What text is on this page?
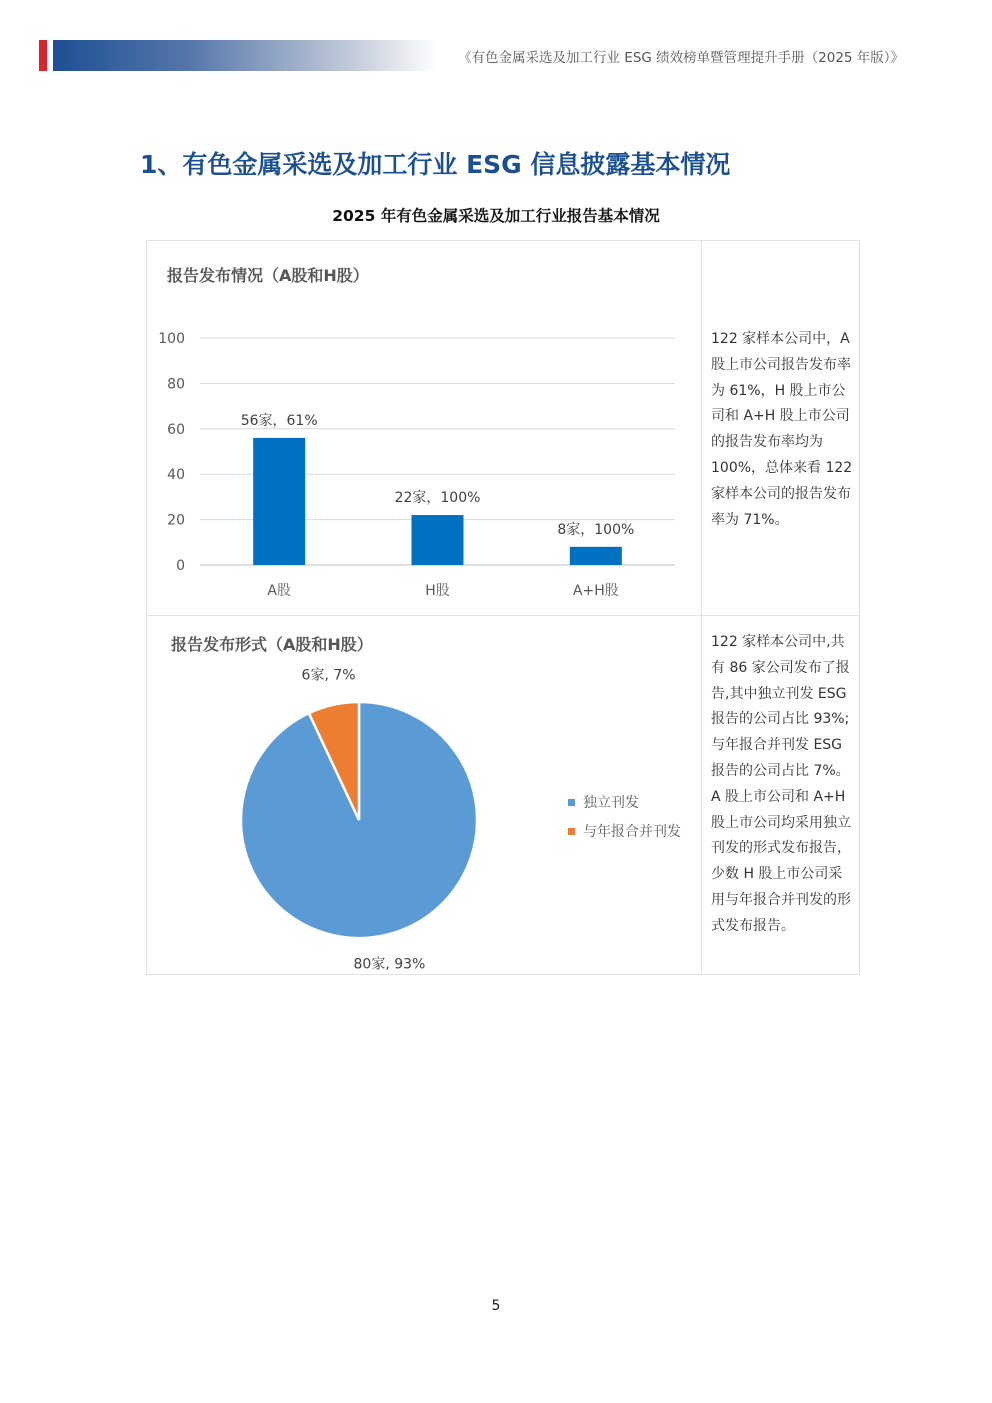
《有色金属采选及加工行业 ESG 绩效榜单暨管理提升手册（2025 年版）》
1、有色金属采选及加工行业 ESG 信息披露基本情况
2025 年有色金属采选及加工行业报告基本情况
报告发布情况（A股和H股）
0
20
40
60
80
100
56家，61%
A股
22家，100%
H股
8家，100%
A+H股
122 家样本公司中，A 股上市公司报告发布率为 61%，H 股上市公司和 A+H 股上市公司的报告发布率均为 100%，总体来看 122 家样本公司的报告发布率为 71%。
报告发布形式（A股和H股）
80家, 93%
6家, 7%
独立刊发
与年报合并刊发
122 家样本公司中,共有 86 家公司发布了报告,其中独立刊发 ESG 报告的公司占比 93%;与年报合并刊发 ESG 报告的公司占比 7%。A 股上市公司和 A+H 股上市公司均采用独立刊发的形式发布报告，少数 H 股上市公司采用与年报合并刊发的形式发布报告。
5
